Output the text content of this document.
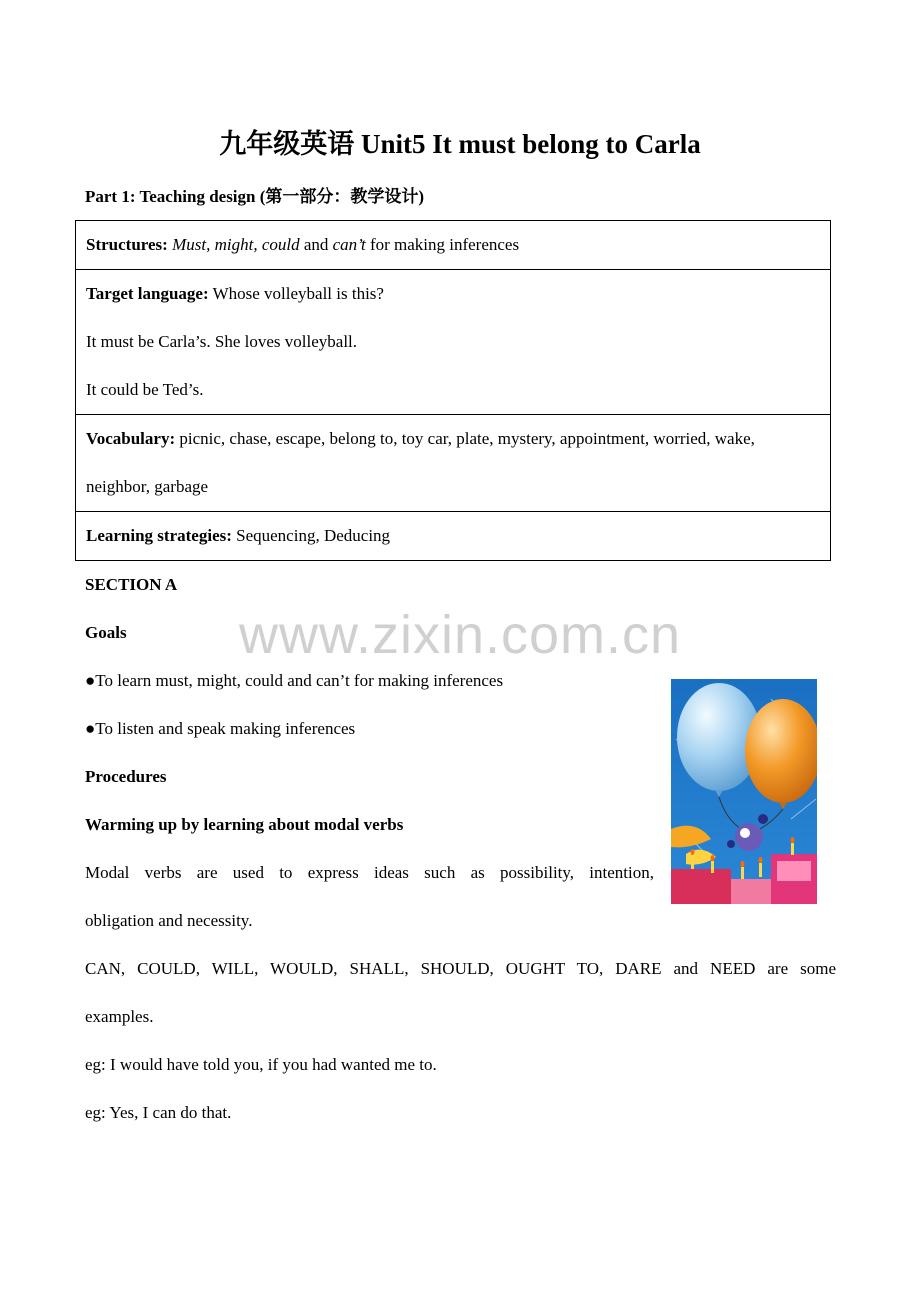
九年级英语 Unit5 It must belong to Carla
Part 1: Teaching design (第一部分：教学设计)
Structures: Must, might, could and can’t for making inferences

Target language: Whose volleyball is this?
It must be Carla’s. She loves volleyball.
It could be Ted’s.

Vocabulary: picnic, chase, escape, belong to, toy car, plate, mystery, appointment, worried, wake,
neighbor, garbage

Learning strategies: Sequencing, Deducing
www.zixin.com.cn
SECTION A
Goals
●To learn must, might, could and can’t for making inferences
●To listen and speak making inferences
Procedures
Warming up by learning about modal verbs
Modal verbs are used to express ideas such as possibility, intention,
obligation and necessity.
CAN, COULD, WILL, WOULD, SHALL, SHOULD, OUGHT TO, DARE and NEED are some
examples.
eg: I would have told you, if you had wanted me to.
eg: Yes, I can do that.
